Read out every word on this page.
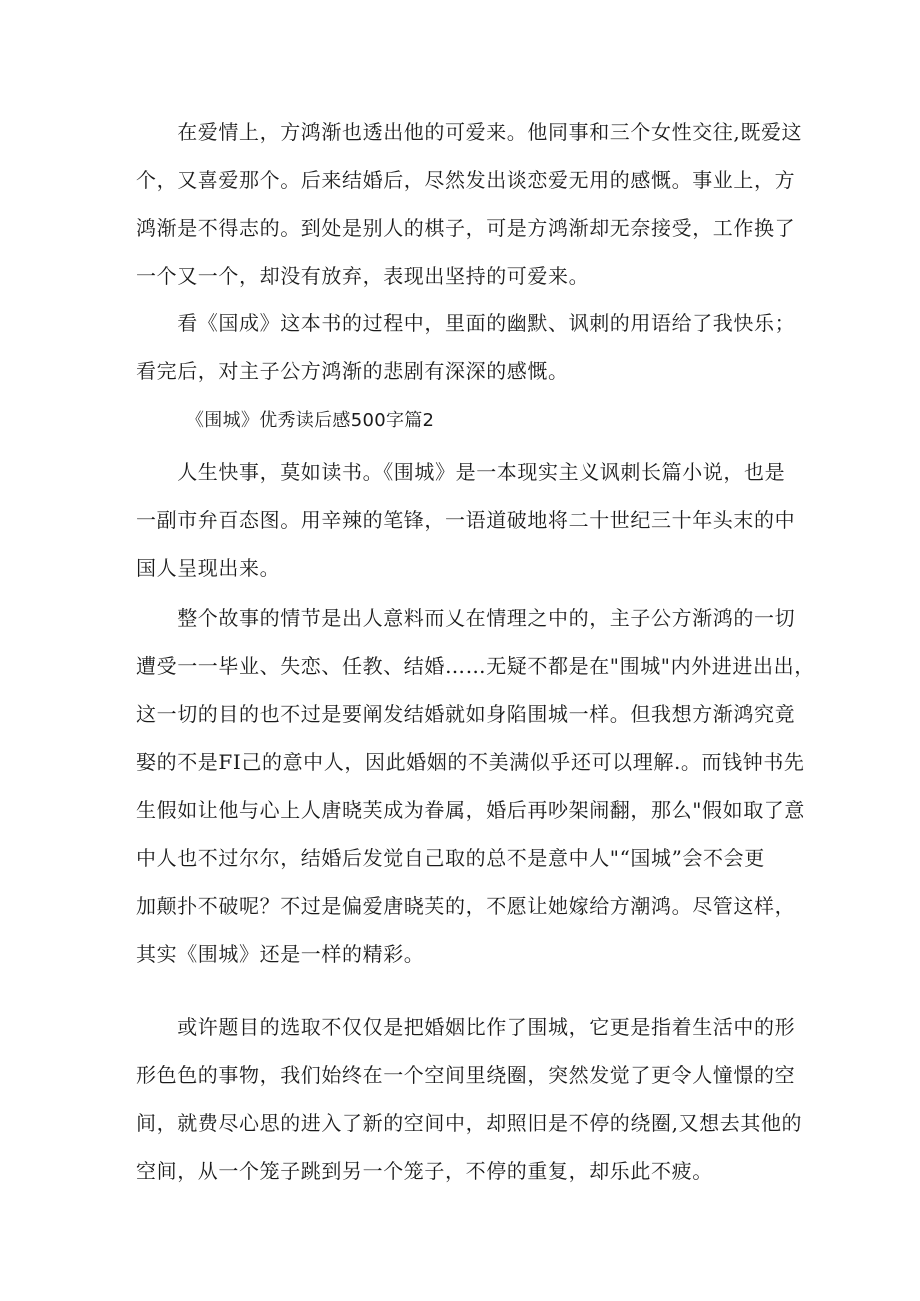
　　在爱情上，方鸿渐也透出他的可爱来。他同事和三个女性交往,既爱这
个，又喜爱那个。后来结婚后，尽然发出谈恋爱无用的感慨。事业上，方
鸿渐是不得志的。到处是别人的棋子，可是方鸿渐却无奈接受，工作换了
一个又一个，却没有放弃，表现出坚持的可爱来。

　　看《国成》这本书的过程中，里面的幽默、讽刺的用语给了我快乐；
看完后，对主子公方鸿渐的悲剧有深深的感慨。

《围城》优秀读后感500字篇2

　　人生快事，莫如读书。《围城》是一本现实主义讽刺长篇小说，也是
一副市弁百态图。用辛辣的笔锋，一语道破地将二十世纪三十年头末的中
国人呈现出来。

　　整个故事的情节是出人意料而乂在情理之中的，主子公方渐鸿的一切
遭受一一毕业、失恋、任教、结婚……无疑不都是在"围城"内外进进出出，
这一切的目的也不过是要阐发结婚就如身陷围城一样。但我想方渐鸿究竟
娶的不是FI己的意中人，因此婚姻的不美满似乎还可以理解.。而钱钟书先
生假如让他与心上人唐晓芙成为眷属，婚后再吵架闹翻，那么"假如取了意
中人也不过尔尔，结婚后发觉自己取的总不是意中人"“国城”会不会更
加颠扑不破呢？不过是偏爱唐晓芙的，不愿让她嫁给方潮鸿。尽管这样，
其实《围城》还是一样的精彩。

　　或许题目的选取不仅仅是把婚姻比作了围城，它更是指着生活中的形
形色色的事物，我们始终在一个空间里绕圈，突然发觉了更令人憧憬的空
间，就费尽心思的进入了新的空间中，却照旧是不停的绕圈,又想去其他的
空间，从一个笼子跳到另一个笼子，不停的重复，却乐此不疲。
